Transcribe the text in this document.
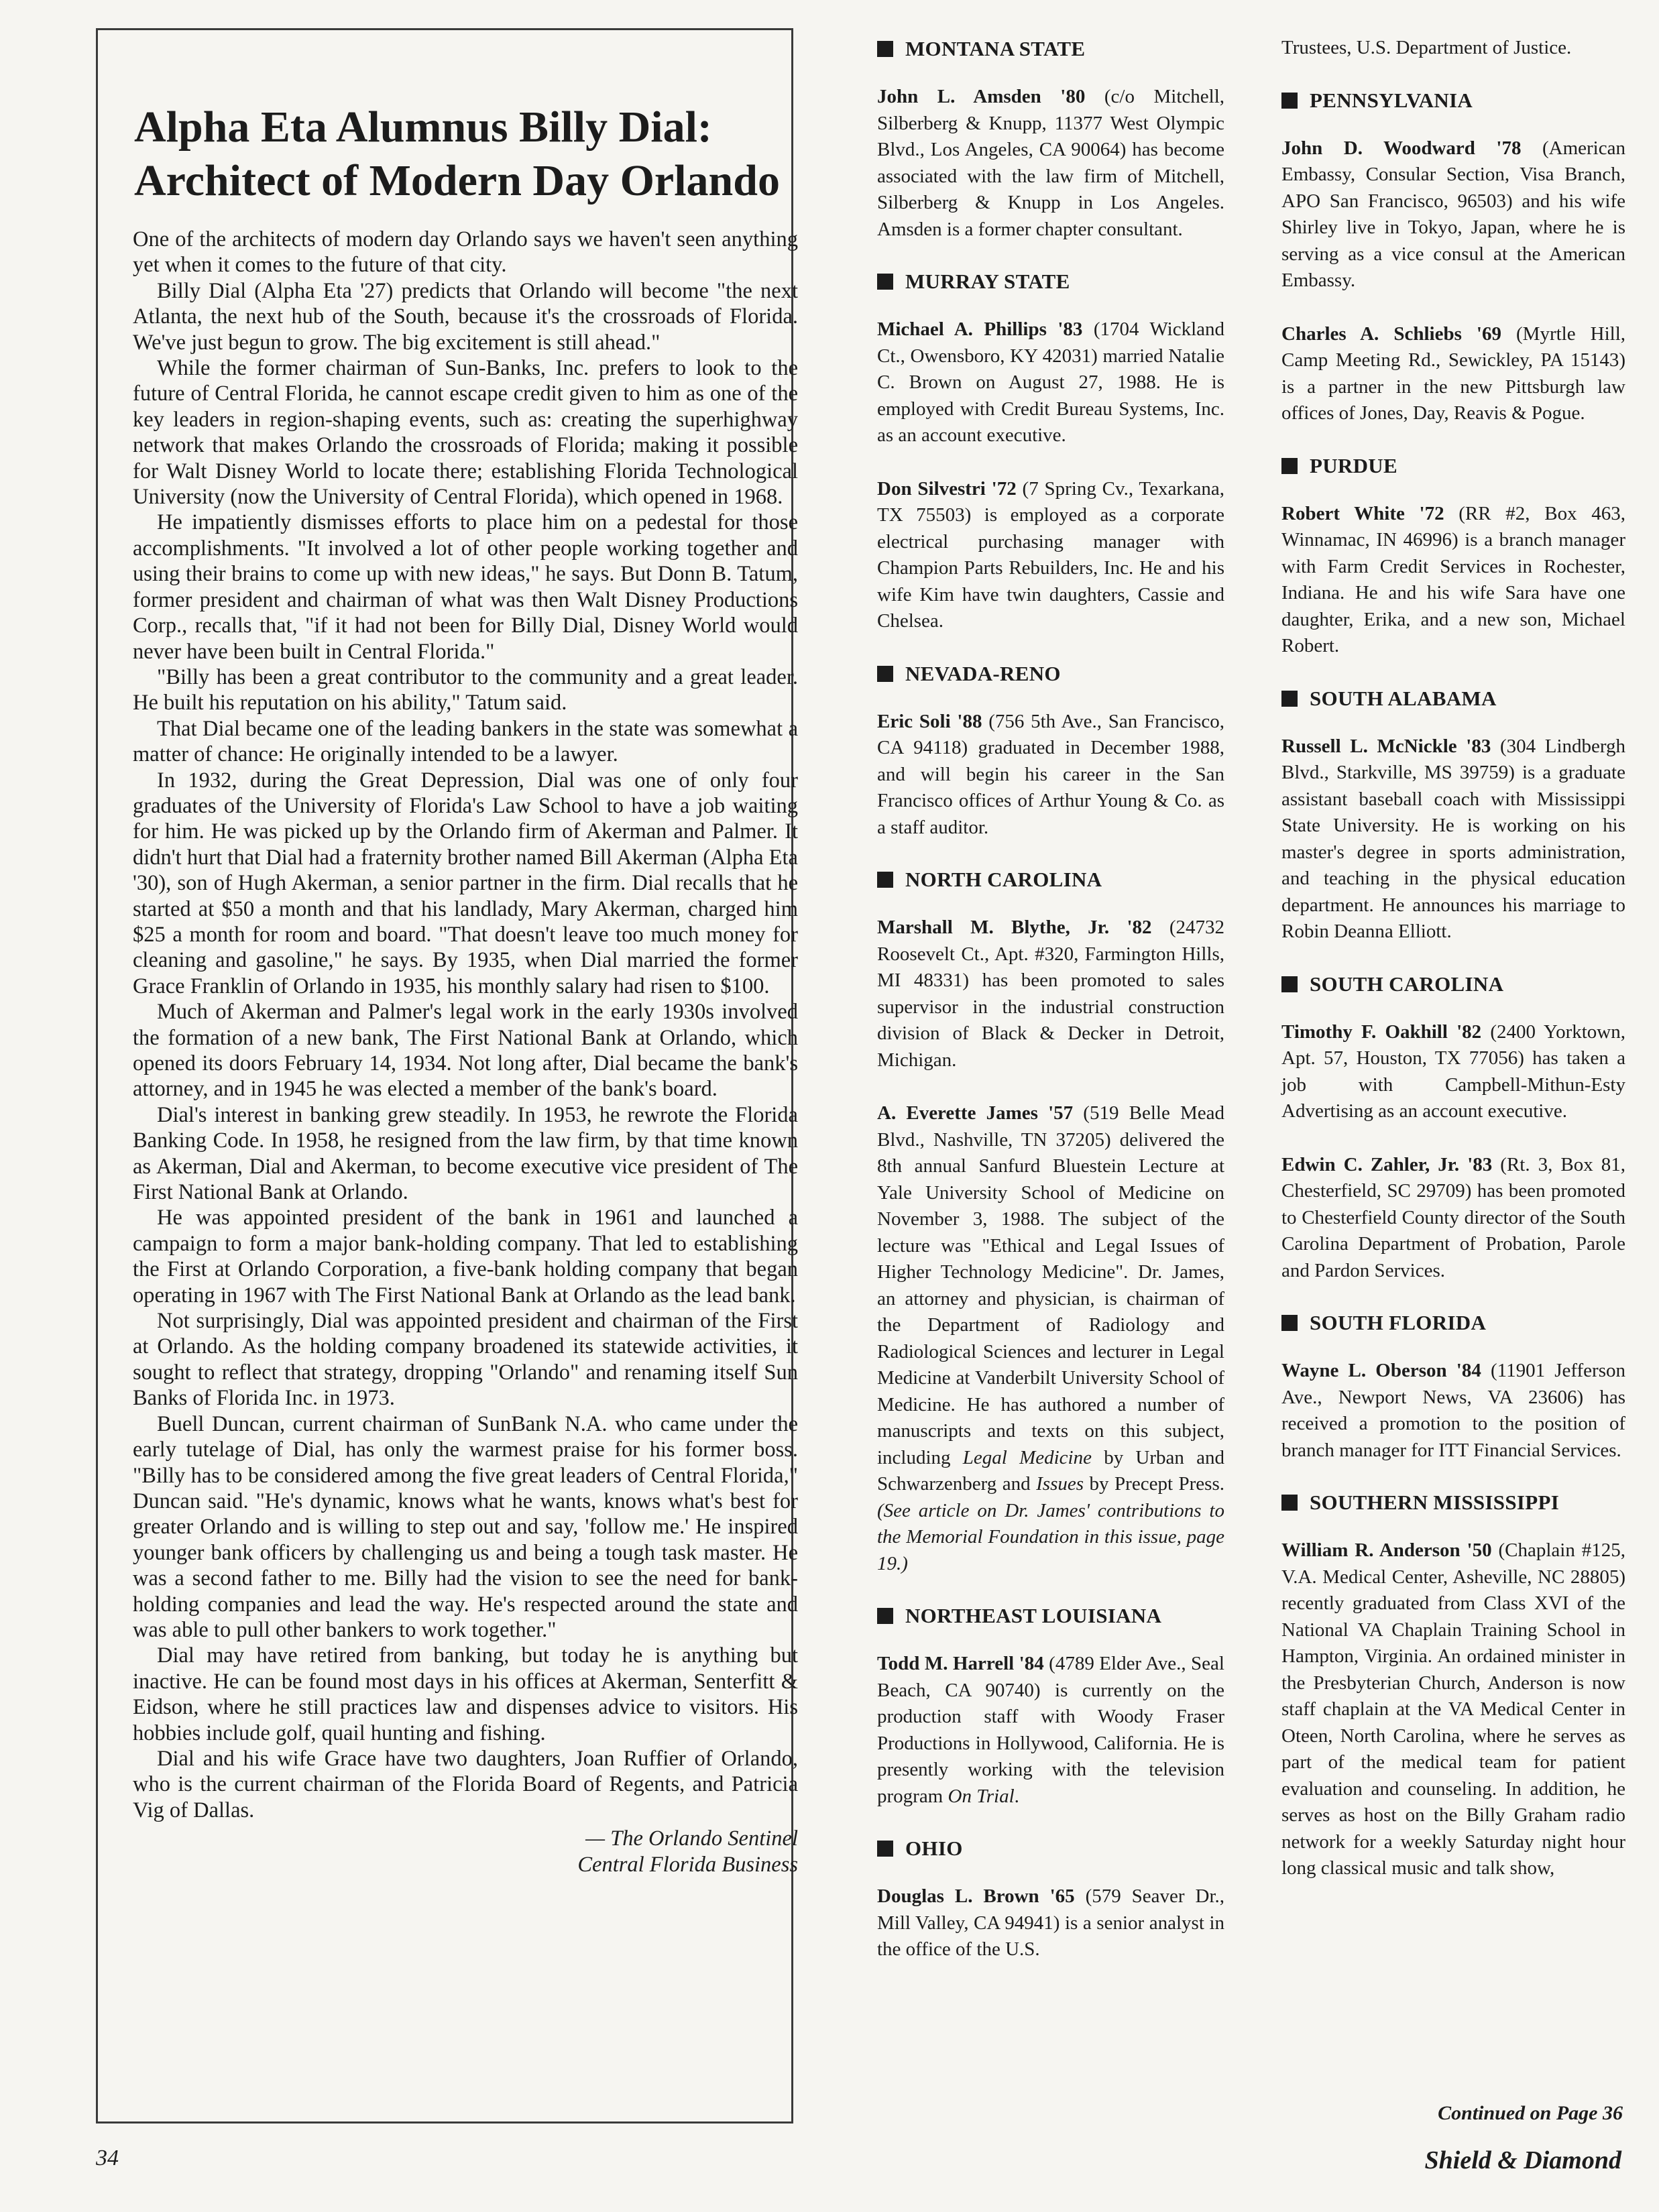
Alpha Eta Alumnus Billy Dial:
Architect of Modern Day Orlando

One of the architects of modern day Orlando says we haven't seen anything yet when it comes to the future of that city.

Billy Dial (Alpha Eta '27) predicts that Orlando will become "the next Atlanta, the next hub of the South, because it's the crossroads of Florida. We've just begun to grow. The big excitement is still ahead."

While the former chairman of Sun-Banks, Inc. prefers to look to the future of Central Florida, he cannot escape credit given to him as one of the key leaders in region-shaping events, such as: creating the superhighway network that makes Orlando the crossroads of Florida; making it possible for Walt Disney World to locate there; establishing Florida Technological University (now the University of Central Florida), which opened in 1968.

He impatiently dismisses efforts to place him on a pedestal for those accomplishments. "It involved a lot of other people working together and using their brains to come up with new ideas," he says. But Donn B. Tatum, former president and chairman of what was then Walt Disney Productions Corp., recalls that, "if it had not been for Billy Dial, Disney World would never have been built in Central Florida."

"Billy has been a great contributor to the community and a great leader. He built his reputation on his ability," Tatum said.

That Dial became one of the leading bankers in the state was somewhat a matter of chance: He originally intended to be a lawyer.

In 1932, during the Great Depression, Dial was one of only four graduates of the University of Florida's Law School to have a job waiting for him. He was picked up by the Orlando firm of Akerman and Palmer. It didn't hurt that Dial had a fraternity brother named Bill Akerman (Alpha Eta '30), son of Hugh Akerman, a senior partner in the firm. Dial recalls that he started at $50 a month and that his landlady, Mary Akerman, charged him $25 a month for room and board. "That doesn't leave too much money for cleaning and gasoline," he says. By 1935, when Dial married the former Grace Franklin of Orlando in 1935, his monthly salary had risen to $100.

Much of Akerman and Palmer's legal work in the early 1930s involved the formation of a new bank, The First National Bank at Orlando, which opened its doors February 14, 1934. Not long after, Dial became the bank's attorney, and in 1945 he was elected a member of the bank's board.

Dial's interest in banking grew steadily. In 1953, he rewrote the Florida Banking Code. In 1958, he resigned from the law firm, by that time known as Akerman, Dial and Akerman, to become executive vice president of The First National Bank at Orlando.

He was appointed president of the bank in 1961 and launched a campaign to form a major bank-holding company. That led to establishing the First at Orlando Corporation, a five-bank holding company that began operating in 1967 with The First National Bank at Orlando as the lead bank.

Not surprisingly, Dial was appointed president and chairman of the First at Orlando. As the holding company broadened its statewide activities, it sought to reflect that strategy, dropping "Orlando" and renaming itself Sun Banks of Florida Inc. in 1973.

Buell Duncan, current chairman of SunBank N.A. who came under the early tutelage of Dial, has only the warmest praise for his former boss. "Billy has to be considered among the five great leaders of Central Florida," Duncan said. "He's dynamic, knows what he wants, knows what's best for greater Orlando and is willing to step out and say, 'follow me.' He inspired younger bank officers by challenging us and being a tough task master. He was a second father to me. Billy had the vision to see the need for bank-holding companies and lead the way. He's respected around the state and was able to pull other bankers to work together."

Dial may have retired from banking, but today he is anything but inactive. He can be found most days in his offices at Akerman, Senterfitt & Eidson, where he still practices law and dispenses advice to visitors. His hobbies include golf, quail hunting and fishing.

Dial and his wife Grace have two daughters, Joan Ruffier of Orlando, who is the current chairman of the Florida Board of Regents, and Patricia Vig of Dallas.

— The Orlando Sentinel
Central Florida Business
MONTANA STATE

John L. Amsden '80 (c/o Mitchell, Silberberg & Knupp, 11377 West Olympic Blvd., Los Angeles, CA 90064) has become associated with the law firm of Mitchell, Silberberg & Knupp in Los Angeles. Amsden is a former chapter consultant.

MURRAY STATE

Michael A. Phillips '83 (1704 Wickland Ct., Owensboro, KY 42031) married Natalie C. Brown on August 27, 1988. He is employed with Credit Bureau Systems, Inc. as an account executive.

Don Silvestri '72 (7 Spring Cv., Texarkana, TX 75503) is employed as a corporate electrical purchasing manager with Champion Parts Rebuilders, Inc. He and his wife Kim have twin daughters, Cassie and Chelsea.

NEVADA-RENO

Eric Soli '88 (756 5th Ave., San Francisco, CA 94118) graduated in December 1988, and will begin his career in the San Francisco offices of Arthur Young & Co. as a staff auditor.

NORTH CAROLINA

Marshall M. Blythe, Jr. '82 (24732 Roosevelt Ct., Apt. #320, Farmington Hills, MI 48331) has been promoted to sales supervisor in the industrial construction division of Black & Decker in Detroit, Michigan.

A. Everette James '57 (519 Belle Mead Blvd., Nashville, TN 37205) delivered the 8th annual Sanfurd Bluestein Lecture at Yale University School of Medicine on November 3, 1988. The subject of the lecture was "Ethical and Legal Issues of Higher Technology Medicine". Dr. James, an attorney and physician, is chairman of the Department of Radiology and Radiological Sciences and lecturer in Legal Medicine at Vanderbilt University School of Medicine. He has authored a number of manuscripts and texts on this subject, including Legal Medicine by Urban and Schwarzenberg and Issues by Precept Press. (See article on Dr. James' contributions to the Memorial Foundation in this issue, page 19.)

NORTHEAST LOUISIANA

Todd M. Harrell '84 (4789 Elder Ave., Seal Beach, CA 90740) is currently on the production staff with Woody Fraser Productions in Hollywood, California. He is presently working with the television program On Trial.

OHIO

Douglas L. Brown '65 (579 Seaver Dr., Mill Valley, CA 94941) is a senior analyst in the office of the U.S.

Trustees, U.S. Department of Justice.

PENNSYLVANIA

John D. Woodward '78 (American Embassy, Consular Section, Visa Branch, APO San Francisco, 96503) and his wife Shirley live in Tokyo, Japan, where he is serving as a vice consul at the American Embassy.

Charles A. Schliebs '69 (Myrtle Hill, Camp Meeting Rd., Sewickley, PA 15143) is a partner in the new Pittsburgh law offices of Jones, Day, Reavis & Pogue.

PURDUE

Robert White '72 (RR #2, Box 463, Winnamac, IN 46996) is a branch manager with Farm Credit Services in Rochester, Indiana. He and his wife Sara have one daughter, Erika, and a new son, Michael Robert.

SOUTH ALABAMA

Russell L. McNickle '83 (304 Lindbergh Blvd., Starkville, MS 39759) is a graduate assistant baseball coach with Mississippi State University. He is working on his master's degree in sports administration, and teaching in the physical education department. He announces his marriage to Robin Deanna Elliott.

SOUTH CAROLINA

Timothy F. Oakhill '82 (2400 Yorktown, Apt. 57, Houston, TX 77056) has taken a job with Campbell-Mithun-Esty Advertising as an account executive.

Edwin C. Zahler, Jr. '83 (Rt. 3, Box 81, Chesterfield, SC 29709) has been promoted to Chesterfield County director of the South Carolina Department of Probation, Parole and Pardon Services.

SOUTH FLORIDA

Wayne L. Oberson '84 (11901 Jefferson Ave., Newport News, VA 23606) has received a promotion to the position of branch manager for ITT Financial Services.

SOUTHERN MISSISSIPPI

William R. Anderson '50 (Chaplain #125, V.A. Medical Center, Asheville, NC 28805) recently graduated from Class XVI of the National VA Chaplain Training School in Hampton, Virginia. An ordained minister in the Presbyterian Church, Anderson is now staff chaplain at the VA Medical Center in Oteen, North Carolina, where he serves as part of the medical team for patient evaluation and counseling. In addition, he serves as host on the Billy Graham radio network for a weekly Saturday night hour long classical music and talk show,

Continued on Page 36
34	Shield & Diamond
